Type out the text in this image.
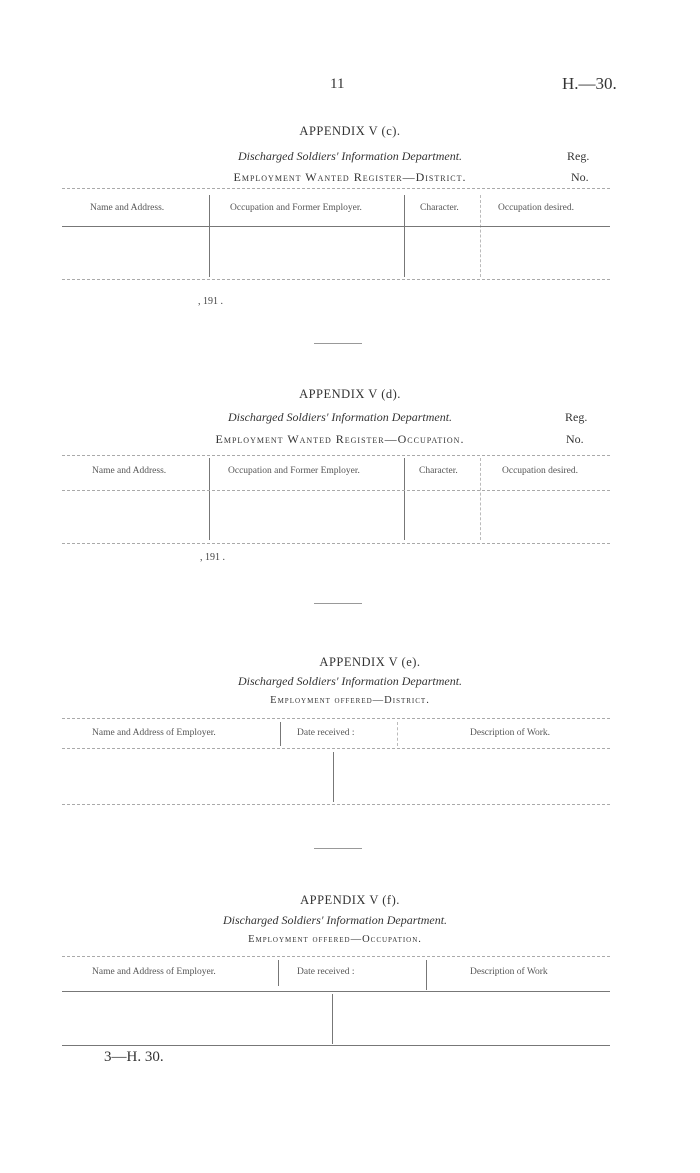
11	H.—30.
APPENDIX V (c).
Discharged Soldiers' Information Department.	Reg.
Employment Wanted Register—District.	No.
Name and Address.	Occupation and Former Employer.	Character.	Occupation desired.
, 191 .
APPENDIX V (d).
Discharged Soldiers' Information Department.	Reg.
Employment Wanted Register—Occupation.	No.
Name and Address.	Occupation and Former Employer.	Character.	Occupation desired.
, 191 .
APPENDIX V (e).
Discharged Soldiers' Information Department.
Employment offered—District.
Name and Address of Employer.	Date received :	Description of Work.
APPENDIX V (f).
Discharged Soldiers' Information Department.
Employment offered—Occupation.
Name and Address of Employer.	Date received :	Description of Work
3—H. 30.
